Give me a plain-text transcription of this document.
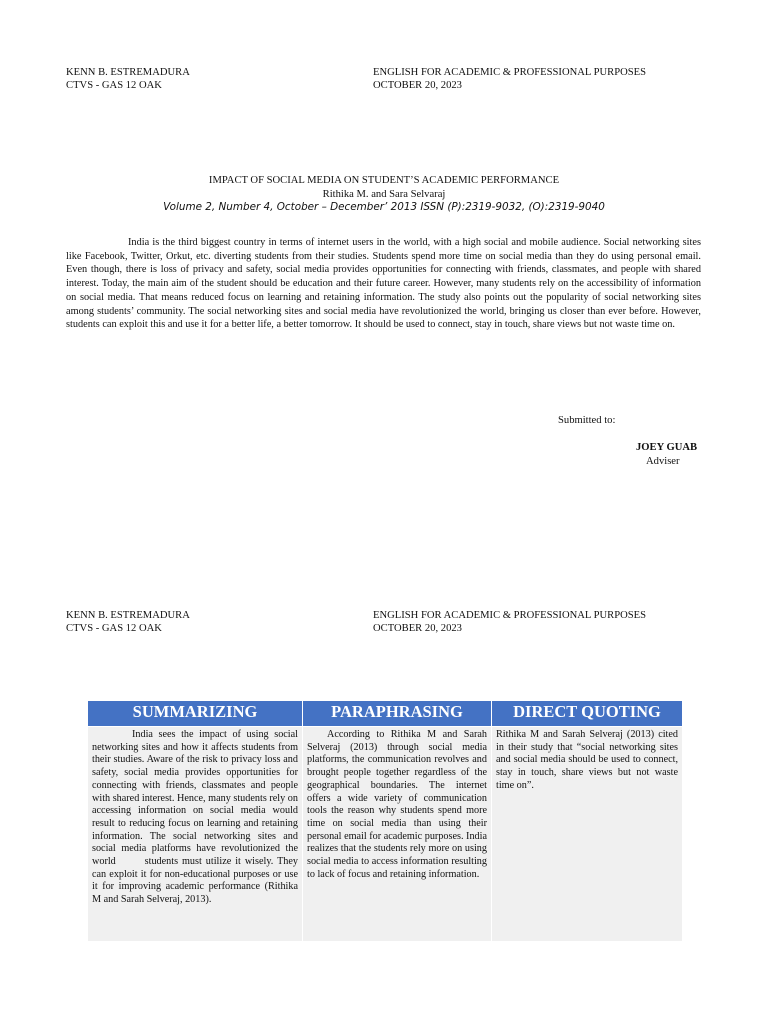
KENN B. ESTREMADURA
CTVS - GAS 12 OAK
ENGLISH FOR ACADEMIC & PROFESSIONAL PURPOSES
OCTOBER 20, 2023
IMPACT OF SOCIAL MEDIA ON STUDENT’S ACADEMIC PERFORMANCE
Rithika M. and Sara Selvaraj
Volume 2, Number 4, October – December’ 2013 ISSN (P):2319-9032, (O):2319-9040
India is the third biggest country in terms of internet users in the world, with a high social and mobile audience. Social networking sites like Facebook, Twitter, Orkut, etc. diverting students from their studies. Students spend more time on social media than they do using personal email. Even though, there is loss of privacy and safety, social media provides opportunities for connecting with friends, classmates, and people with shared interest. Today, the main aim of the student should be education and their future career. However, many students rely on the accessibility of information on social media. That means reduced focus on learning and retaining information. The study also points out the popularity of social networking sites among students’ community. The social networking sites and social media have revolutionized the world, bringing us closer than ever before. However, students can exploit this and use it for a better life, a better tomorrow. It should be used to connect, stay in touch, share views but not waste time on.
Submitted to:
JOEY GUAB
Adviser
KENN B. ESTREMADURA
CTVS - GAS 12 OAK
ENGLISH FOR ACADEMIC & PROFESSIONAL PURPOSES
OCTOBER 20, 2023
SUMMARIZING
India sees the impact of using social networking sites and how it affects students from their studies. Aware of the risk to privacy loss and safety, social media provides opportunities for connecting with friends, classmates and people with shared interest. Hence, many students rely on accessing information on social media would result to reducing focus on learning and retaining information. The social networking sites and social media platforms have revolutionized the world India students must utilize it wisely. They can exploit it for non-educational purposes or use it for improving academic performance (Rithika M and Sarah Selveraj, 2013).
PARAPHRASING
According to Rithika M and Sarah Selveraj (2013) through social media platforms, the communication revolves and brought people together regardless of the geographical boundaries. The internet offers a wide variety of communication tools the reason why students spend more time on social media than using their personal email for academic purposes. India realizes that the students rely more on using social media to access information resulting to lack of focus and retaining information.
DIRECT QUOTING
Rithika M and Sarah Selveraj (2013) cited in their study that “social networking sites and social media should be used to connect, stay in touch, share views but not waste time on”.
